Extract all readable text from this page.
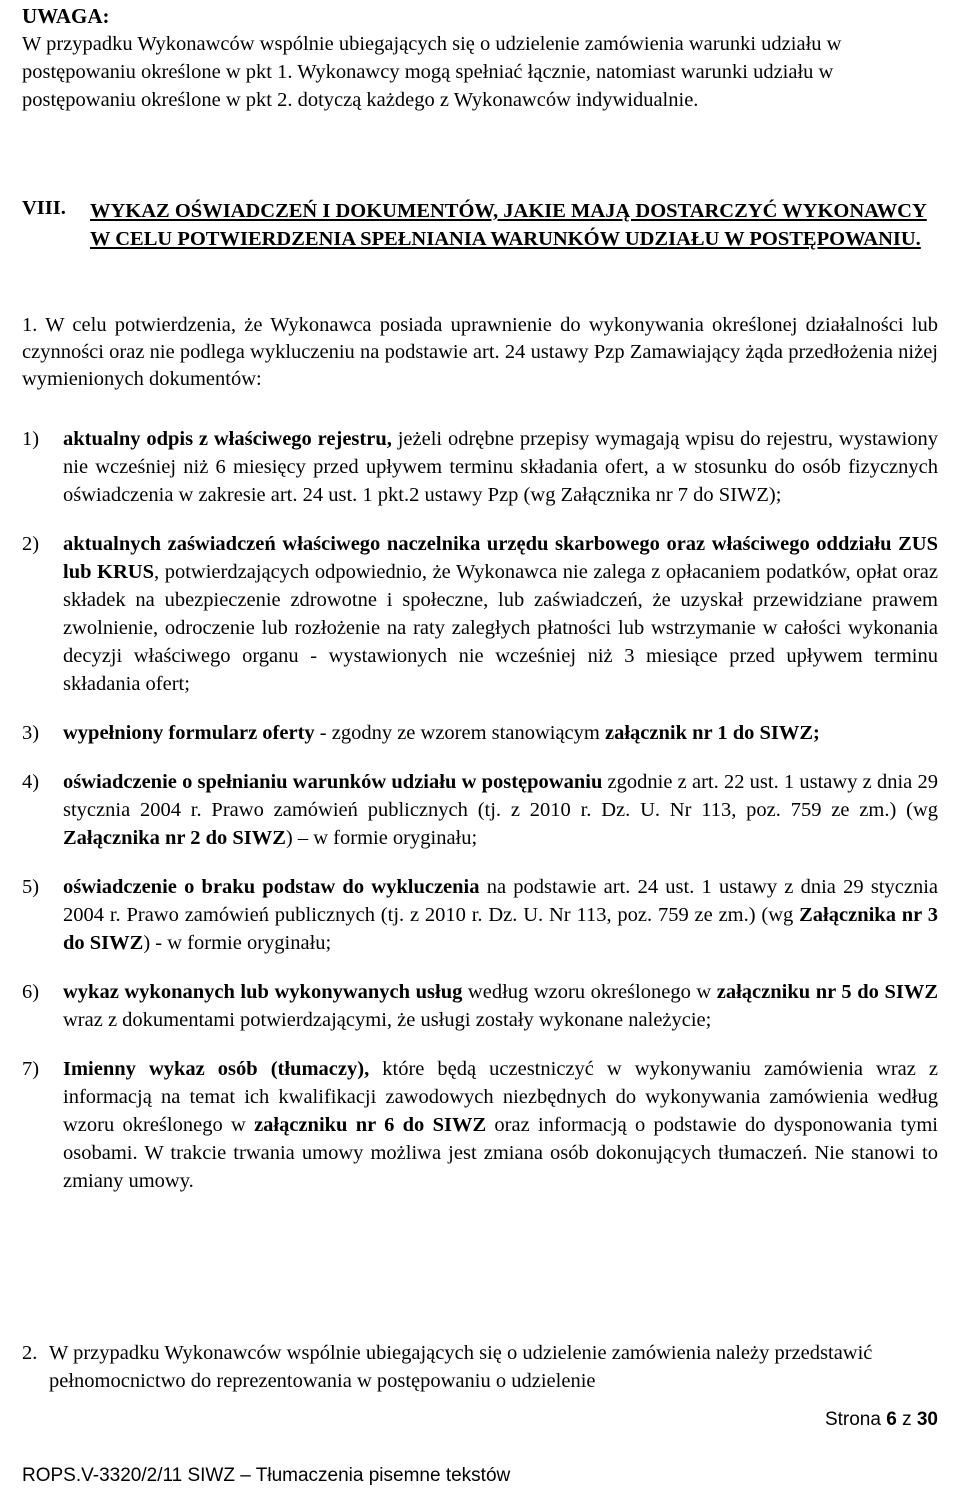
UWAGA:

W przypadku Wykonawców wspólnie ubiegających się o udzielenie zamówienia warunki udziału w postępowaniu określone w pkt 1. Wykonawcy mogą spełniać łącznie, natomiast warunki udziału w postępowaniu określone w pkt 2. dotyczą każdego z Wykonawców indywidualnie.

VIII. WYKAZ OŚWIADCZEŃ I DOKUMENTÓW, JAKIE MAJĄ DOSTARCZYĆ WYKONAWCY W CELU POTWIERDZENIA SPEŁNIANIA WARUNKÓW UDZIAŁU W POSTĘPOWANIU.

1. W celu potwierdzenia, że Wykonawca posiada uprawnienie do wykonywania określonej działalności lub czynności oraz nie podlega wykluczeniu na podstawie art. 24 ustawy Pzp Zamawiający żąda przedłożenia niżej wymienionych dokumentów:

1) aktualny odpis z właściwego rejestru, jeżeli odrębne przepisy wymagają wpisu do rejestru, wystawiony nie wcześniej niż 6 miesięcy przed upływem terminu składania ofert, a w stosunku do osób fizycznych oświadczenia w zakresie art. 24 ust. 1 pkt.2 ustawy Pzp (wg Załącznika nr 7 do SIWZ);
2) aktualnych zaświadczeń właściwego naczelnika urzędu skarbowego oraz właściwego oddziału ZUS lub KRUS, potwierdzających odpowiednio, że Wykonawca nie zalega z opłacaniem podatków, opłat oraz składek na ubezpieczenie zdrowotne i społeczne, lub zaświadczeń, że uzyskał przewidziane prawem zwolnienie, odroczenie lub rozłożenie na raty zaległych płatności lub wstrzymanie w całości wykonania decyzji właściwego organu - wystawionych nie wcześniej niż 3 miesiące przed upływem terminu składania ofert;
3) wypełniony formularz oferty - zgodny ze wzorem stanowiącym załącznik nr 1 do SIWZ;
4) oświadczenie o spełnianiu warunków udziału w postępowaniu zgodnie z art. 22 ust. 1 ustawy z dnia 29 stycznia 2004 r. Prawo zamówień publicznych (tj. z 2010 r. Dz. U. Nr 113, poz. 759 ze zm.) (wg Załącznika nr 2 do SIWZ) – w formie oryginału;
5) oświadczenie o braku podstaw do wykluczenia na podstawie art. 24 ust. 1 ustawy z dnia 29 stycznia 2004 r. Prawo zamówień publicznych (tj. z 2010 r. Dz. U. Nr 113, poz. 759 ze zm.) (wg Załącznika nr 3 do SIWZ) - w formie oryginału;
6) wykaz wykonanych lub wykonywanych usług według wzoru określonego w załączniku nr 5 do SIWZ wraz z dokumentami potwierdzającymi, że usługi zostały wykonane należycie;
7) Imienny wykaz osób (tłumaczy), które będą uczestniczyć w wykonywaniu zamówienia wraz z informacją na temat ich kwalifikacji zawodowych niezbędnych do wykonywania zamówienia według wzoru określonego w załączniku nr 6 do SIWZ oraz informacją o podstawie do dysponowania tymi osobami. W trakcie trwania umowy możliwa jest zmiana osób dokonujących tłumaczeń. Nie stanowi to zmiany umowy.
2. W przypadku Wykonawców wspólnie ubiegających się o udzielenie zamówienia należy przedstawić pełnomocnictwo do reprezentowania w postępowaniu o udzielenie
Strona 6 z 30
ROPS.V-3320/2/11 SIWZ – Tłumaczenia pisemne tekstów
